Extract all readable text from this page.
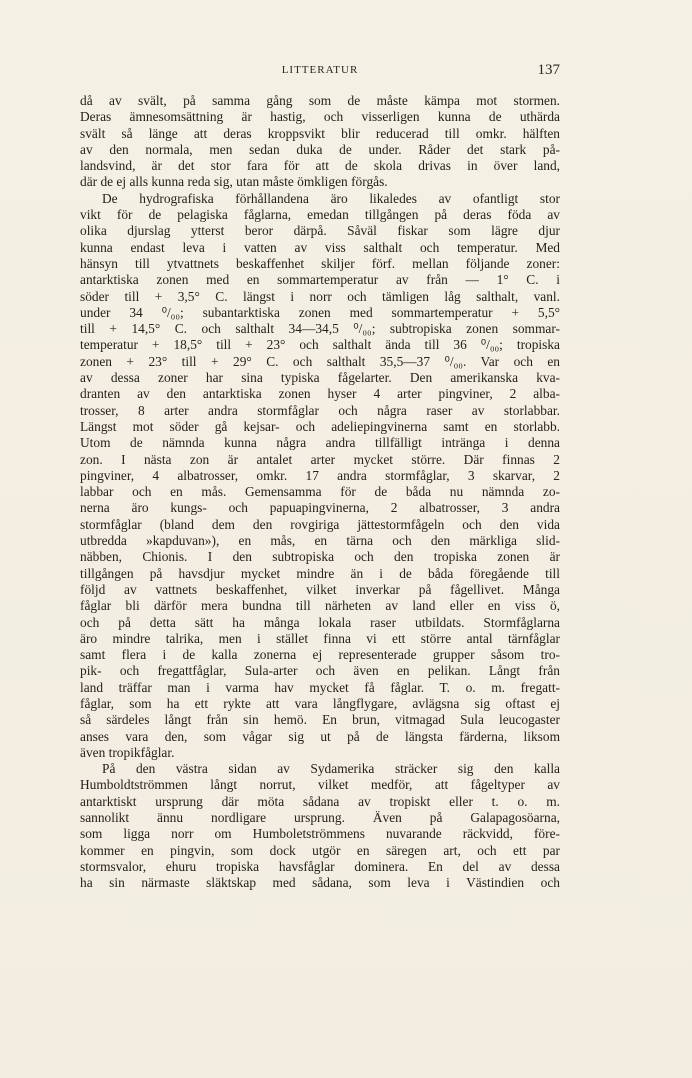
LITTERATUR	137
då av svält, på samma gång som de måste kämpa mot stormen.
Deras ämnesomsättning är hastig, och visserligen kunna de uthärda
svält så länge att deras kroppsvikt blir reducerad till omkr. hälften
av den normala, men sedan duka de under. Råder det stark på-
landsvind, är det stor fara för att de skola drivas in över land,
där de ej alls kunna reda sig, utan måste ömkligen förgås.
De hydrografiska förhållandena äro likaledes av ofantligt stor
vikt för de pelagiska fåglarna, emedan tillgången på deras föda av
olika djurslag ytterst beror därpå. Såväl fiskar som lägre djur
kunna endast leva i vatten av viss salthalt och temperatur. Med
hänsyn till ytvattnets beskaffenhet skiljer förf. mellan följande zoner:
antarktiska zonen med en sommartemperatur av från — 1° C. i
söder till + 3,5° C. längst i norr och tämligen låg salthalt, vanl.
under 34 ⁰/₀₀; subantarktiska zonen med sommartemperatur + 5,5°
till + 14,5° C. och salthalt 34—34,5 ⁰/₀₀; subtropiska zonen sommar-
temperatur + 18,5° till + 23° och salthalt ända till 36 ⁰/₀₀; tropiska
zonen + 23° till + 29° C. och salthalt 35,5—37 ⁰/₀₀. Var och en
av dessa zoner har sina typiska fågelarter. Den amerikanska kva-
dranten av den antarktiska zonen hyser 4 arter pingviner, 2 alba-
trosser, 8 arter andra stormfåglar och några raser av storlabbar.
Längst mot söder gå kejsar- och adeliepingvinerna samt en storlabb.
Utom de nämnda kunna några andra tillfälligt inträngа i denna
zon. I nästa zon är antalet arter mycket större. Där finnas 2
pingviner, 4 albatrosser, omkr. 17 andra stormfåglar, 3 skarvar, 2
labbar och en mås. Gemensamma för de båda nu nämnda zo-
nerna äro kungs- och papuapingvinerna, 2 albatrosser, 3 andra
stormfåglar (bland dem den rovgiriga jättestormfågeln och den vida
utbredda »kapduvan»), en mås, en tärna och den märkliga slid-
näbben, Chionis. I den subtropiska och den tropiska zonen är
tillgången på havsdjur mycket mindre än i de båda föregående till
följd av vattnets beskaffenhet, vilket inverkar på fågellivet. Många
fåglar bli därför mera bundna till närheten av land eller en viss ö,
och på detta sätt ha många lokala raser utbildats. Stormfåglarna
äro mindre talrika, men i stället finna vi ett större antal tärnfåglar
samt flera i de kalla zonerna ej representerade grupper såsom tro-
pik- och fregattfåglar, Sula-arter och även en pelikan. Långt från
land träffar man i varma hav mycket få fåglar. T. o. m. fregatt-
fåglar, som ha ett rykte att vara långflygare, avlägsna sig oftast ej
så särdeles långt från sin hemö. En brun, vitmagad Sula leucogaster
anses vara den, som vågar sig ut på de längsta färderna, liksom
även tropikfåglar.
På den västra sidan av Sydamerika sträcker sig den kalla
Humboldtströmmen långt norrut, vilket medför, att fågeltyper av
antarktiskt ursprung där möta sådana av tropiskt eller t. o. m.
sannolikt ännu nordligare ursprung. Även på Galapagosöarna,
som ligga norr om Humboletströmmens nuvarande räckvidd, före-
kommer en pingvin, som dock utgör en säregen art, och ett par
stormsvalor, ehuru tropiska havsfåglar dominera. En del av dessa
ha sin närmaste släktskap med sådana, som leva i Västindien och
